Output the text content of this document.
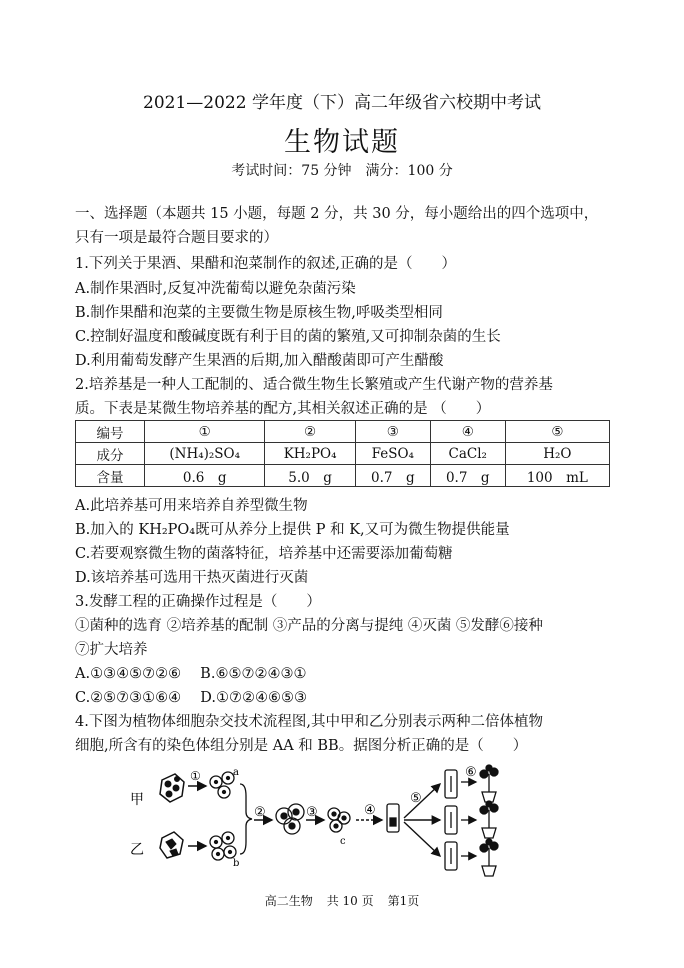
2021—2022 学年度（下）高二年级省六校期中考试
生物试题
考试时间：75 分钟 满分：100 分
一、选择题（本题共 15 小题，每题 2 分，共 30 分，每小题给出的四个选项中，
只有一项是最符合题目要求的）
1.下列关于果酒、果醋和泡菜制作的叙述,正确的是（　　）
A.制作果酒时,反复冲洗葡萄以避免杂菌污染
B.制作果醋和泡菜的主要微生物是原核生物,呼吸类型相同
C.控制好温度和酸碱度既有利于目的菌的繁殖,又可抑制杂菌的生长
D.利用葡萄发酵产生果酒的后期,加入醋酸菌即可产生醋酸
2.培养基是一种人工配制的、适合微生物生长繁殖或产生代谢产物的营养基
质。下表是某微生物培养基的配方,其相关叙述正确的是 （　　）
编号	①	②	③	④	⑤
成分	(NH₄)₂SO₄	KH₂PO₄	FeSO₄	CaCl₂	H₂O
含量	0.6　g	5.0　g	0.7　g	0.7　g	100　mL
A.此培养基可用来培养自养型微生物
B.加入的 KH₂PO₄既可从养分上提供 P 和 K,又可为微生物提供能量
C.若要观察微生物的菌落特征，培养基中还需要添加葡萄糖
D.该培养基可选用干热灭菌进行灭菌
3.发酵工程的正确操作过程是（　　）
①菌种的选育 ②培养基的配制 ③产品的分离与提纯 ④灭菌 ⑤发酵⑥接种
⑦扩大培养
A.①③④⑤⑦②⑥　 B.⑥⑤⑦②④③①
C.②⑤⑦③①⑥④　 D.①⑦②④⑥⑤③
4.下图为植物体细胞杂交技术流程图,其中甲和乙分别表示两种二倍体植物
细胞,所含有的染色体组分别是 AA 和 BB。据图分析正确的是（　　）
甲
乙
①	a
b
②	③
c
④
⑤
⑥
高二生物 共 10 页 第1页
